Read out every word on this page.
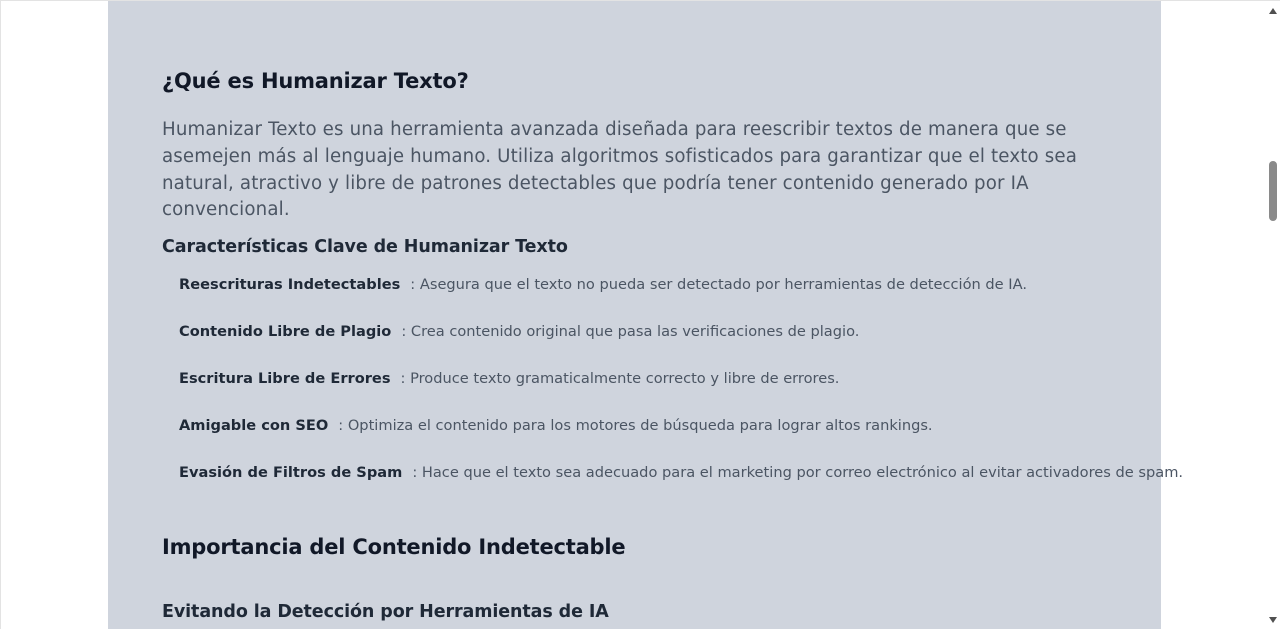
¿Qué es Humanizar Texto?

Humanizar Texto es una herramienta avanzada diseñada para reescribir textos de manera que se asemejen más al lenguaje humano. Utiliza algoritmos sofisticados para garantizar que el texto sea natural, atractivo y libre de patrones detectables que podría tener contenido generado por IA convencional.

Características Clave de Humanizar Texto
Reescrituras Indetectables : Asegura que el texto no pueda ser detectado por herramientas de detección de IA.
Contenido Libre de Plagio : Crea contenido original que pasa las verificaciones de plagio.
Escritura Libre de Errores : Produce texto gramaticalmente correcto y libre de errores.
Amigable con SEO : Optimiza el contenido para los motores de búsqueda para lograr altos rankings.
Evasión de Filtros de Spam : Hace que el texto sea adecuado para el marketing por correo electrónico al evitar activadores de spam.
Importancia del Contenido Indetectable
Evitando la Detección por Herramientas de IA
